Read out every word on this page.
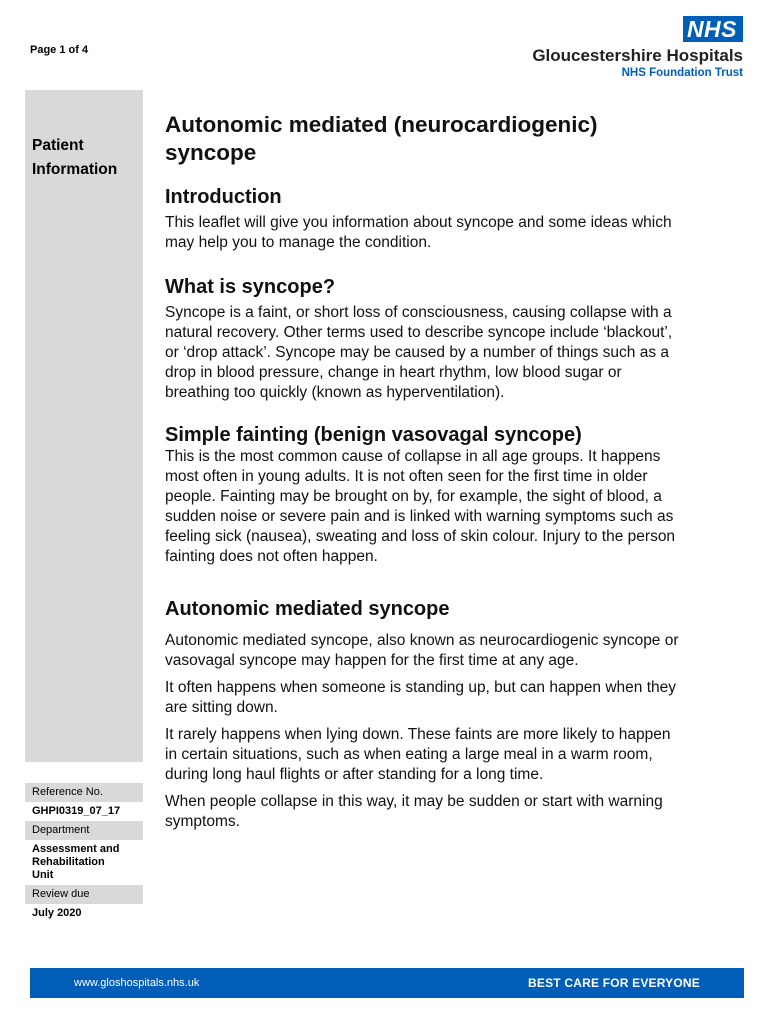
Page 1 of 4
NHS
Gloucestershire Hospitals
NHS Foundation Trust
Patient
Information
Reference No.
GHPI0319_07_17
Department
Assessment and
Rehabilitation
Unit
Review due
July 2020
Autonomic mediated (neurocardiogenic)
syncope
Introduction
This leaflet will give you information about syncope and some ideas which may help you to manage the condition.
What is syncope?
Syncope is a faint, or short loss of consciousness, causing collapse with a natural recovery. Other terms used to describe syncope include ‘blackout’, or ‘drop attack’. Syncope may be caused by a number of things such as a drop in blood pressure, change in heart rhythm, low blood sugar or breathing too quickly (known as hyperventilation).
Simple fainting (benign vasovagal syncope)
This is the most common cause of collapse in all age groups. It happens most often in young adults. It is not often seen for the first time in older people. Fainting may be brought on by, for example, the sight of blood, a sudden noise or severe pain and is linked with warning symptoms such as feeling sick (nausea), sweating and loss of skin colour. Injury to the person fainting does not often happen.
Autonomic mediated syncope
Autonomic mediated syncope, also known as neurocardiogenic syncope or vasovagal syncope may happen for the first time at any age.
It often happens when someone is standing up, but can happen when they are sitting down.
It rarely happens when lying down. These faints are more likely to happen in certain situations, such as when eating a large meal in a warm room, during long haul flights or after standing for a long time.
When people collapse in this way, it may be sudden or start with warning symptoms.
www.gloshospitals.nhs.uk	BEST CARE FOR EVERYONE
